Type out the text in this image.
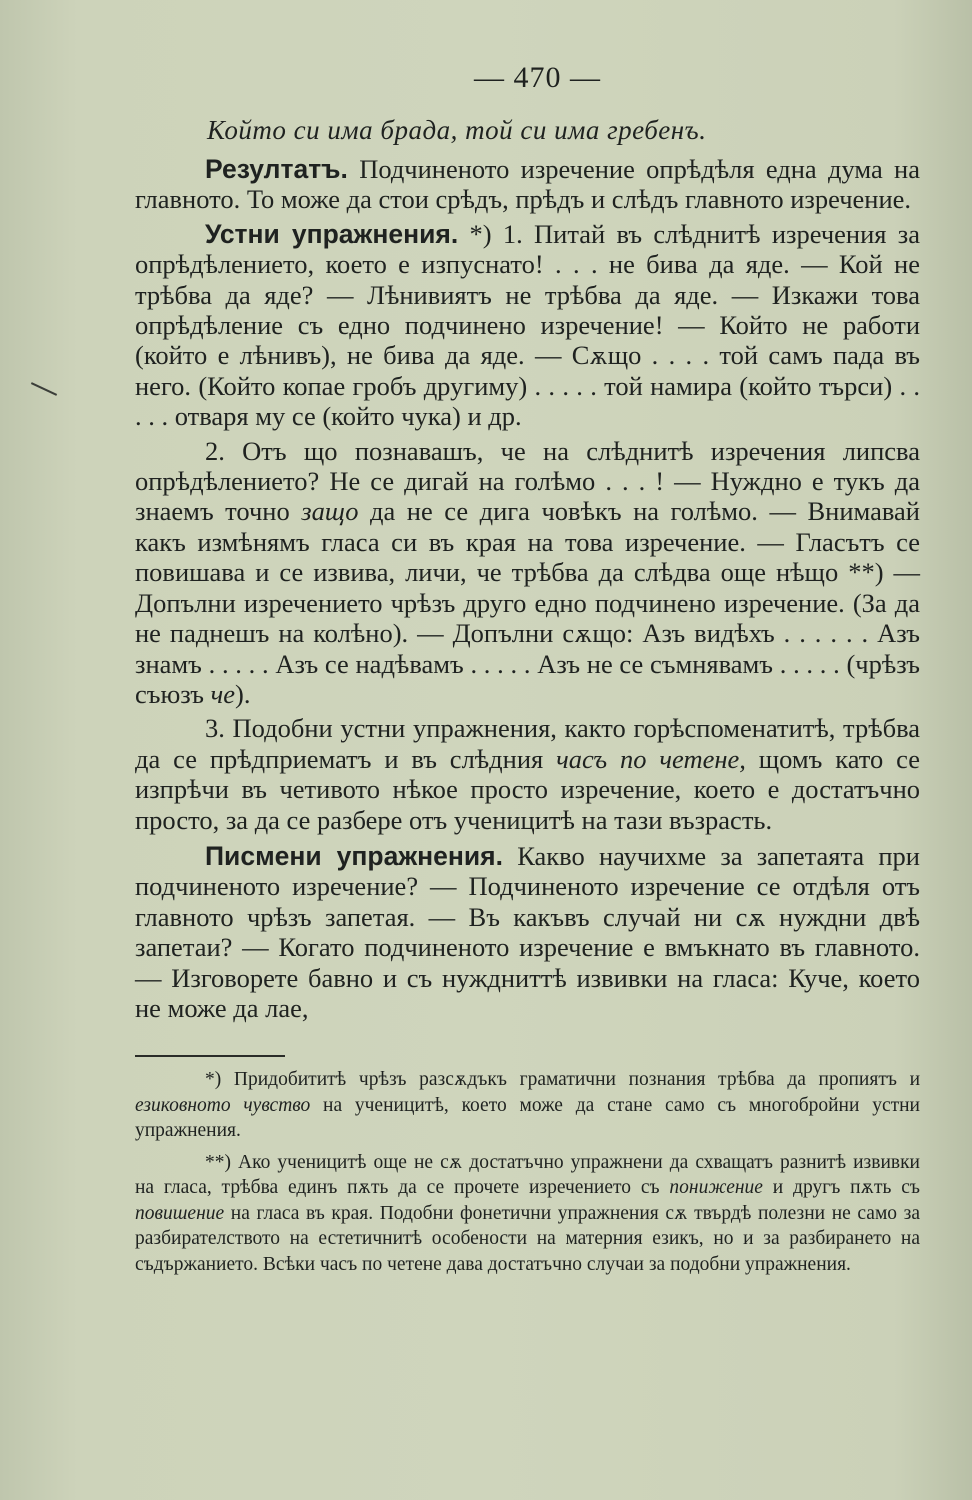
— 470 —
Който си има брада, той си има гребенъ.

Резултатъ. Подчиненото изречение опрѣдѣля една дума на главното. То може да стои срѣдъ, прѣдъ и слѣдъ главното изречение.

Устни упражнения. *) 1. Питай въ слѣднитѣ изречения за опрѣдѣлението, което е изпуснато! . . . не бива да яде. — Кой не трѣбва да яде? — Лѣнивиятъ не трѣбва да яде. — Изкажи това опрѣдѣление съ едно подчинено изречение! — Който не работи (който е лѣнивъ), не бива да яде. — Сѫщо . . . . той самъ пада въ него. (Който копае гробъ другиму) . . . . . той намира (който търси) . . . . . отваря му се (който чука) и др.

2. Отъ що познавашъ, че на слѣднитѣ изречения липсва опрѣдѣлението? Не се дигай на голѣмо . . . ! — Нуждно е тукъ да знаемъ точно защо да не се дига човѣкъ на голѣмо. — Внимавай какъ измѣнямъ гласа си въ края на това изречение. — Гласътъ се повишава и се извива, личи, че трѣбва да слѣдва още нѣщо **) — Допълни изречението чрѣзъ друго едно подчинено изречение. (За да не паднешъ на колѣно). — Допълни сѫщо: Азъ видѣхъ . . . . . . Азъ знамъ . . . . . Азъ се надѣвамъ . . . . . Азъ не се съмнявамъ . . . . . (чрѣзъ съюзъ че).

3. Подобни устни упражнения, както горѣспоменатитѣ, трѣбва да се прѣдприематъ и въ слѣдния часъ по четене, щомъ като се изпрѣчи въ четивото нѣкое просто изречение, което е достатъчно просто, за да се разбере отъ ученицитѣ на тази възрасть.

Писмени упражнения. Какво научихме за запетаята при подчиненото изречение? — Подчиненото изречение се отдѣля отъ главното чрѣзъ запетая. — Въ какъвъ случай ни сѫ нуждни двѣ запетаи? — Когато подчиненото изречение е вмъкнато въ главното. — Изговорете бавно и съ нуждниттѣ извивки на гласа: Куче, което не може да лае,

*) Придобититѣ чрѣзъ разсѫдъкъ граматични познания трѣбва да пропиятъ и езиковното чувство на ученицитѣ, което може да стане само съ многобройни устни упражнения.
**) Ако ученицитѣ още не сѫ достатъчно упражнени да схващатъ разнитѣ извивки на гласа, трѣбва единъ пѫть да се прочете изречението съ понижение и другъ пѫть съ повишение на гласа въ края. Подобни фонетични упражнения сѫ твърдѣ полезни не само за разбирателството на естетичнитѣ особености на матерния езикъ, но и за разбирането на съдържанието. Всѣки часъ по четене дава достатъчно случаи за подобни упражнения.
